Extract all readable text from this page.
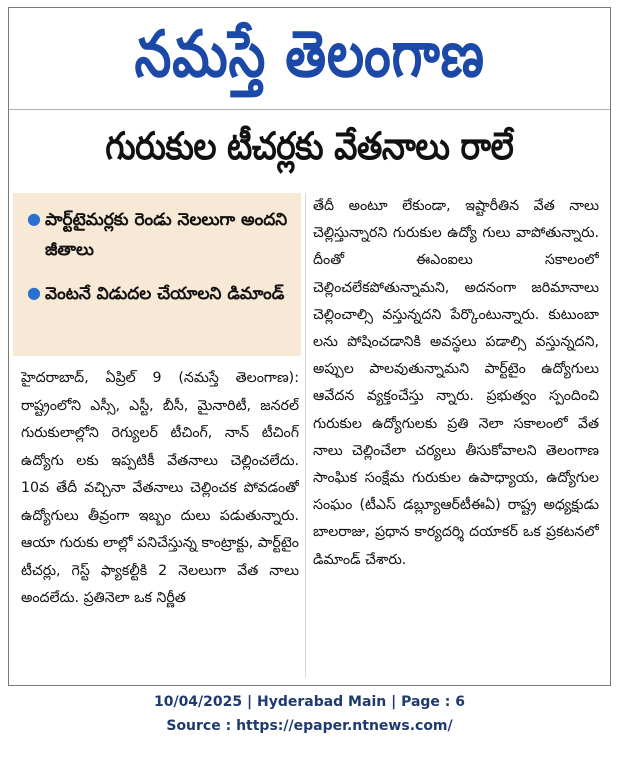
నమస్తే తెలంగాణ
గురుకుల టీచర్లకు వేతనాలు రాలే
● పార్ట్‌టైమర్లకు రెండు నెలలుగా అందని జీతాలు
● వెంటనే విడుదల చేయాలని డిమాండ్
హైదరాబాద్, ఏప్రిల్ 9 (నమస్తే తెలంగాణ): రాష్ట్రంలోని ఎస్సీ, ఎస్టీ, బీసీ, మైనారిటీ, జనరల్ గురుకులాల్లోని రెగ్యులర్ టీచింగ్, నాన్ టీచింగ్ ఉద్యోగు లకు ఇప్పటికీ వేతనాలు చెల్లించలేదు. 10వ తేదీ వచ్చినా వేతనాలు చెల్లించక పోవడంతో ఉద్యోగులు తీవ్రంగా ఇబ్బం దులు పడుతున్నారు. ఆయా గురుకు లాల్లో పనిచేస్తున్న కాంట్రాక్టు, పార్ట్‌టైం టీచర్లు, గెస్ట్ ఫ్యాకల్టీకి 2 నెలలుగా వేత నాలు అందలేదు. ప్రతినెలా ఒక నిర్ణీత
తేదీ అంటూ లేకుండా, ఇష్టారీతిన వేత నాలు చెల్లిస్తున్నారని గురుకుల ఉద్యో గులు వాపోతున్నారు. దీంతో ఈఎంఐలు సకాలంలో చెల్లించలేకపోతున్నామని, అదనంగా జరిమానాలు చెల్లించాల్సి వస్తున్నదని పేర్కొంటున్నారు. కుటుంబా లను పోషించడానికి అవస్థలు పడాల్సి వస్తున్నదని, అప్పుల పాలవుతున్నామని పార్ట్‌టైం ఉద్యోగులు ఆవేదన వ్యక్తంచేస్తు న్నారు. ప్రభుత్వం స్పందించి గురుకుల ఉద్యోగులకు ప్రతి నెలా సకాలంలో వేత నాలు చెల్లించేలా చర్యలు తీసుకోవాలని తెలంగాణ సాంఘిక సంక్షేమ గురుకుల ఉపాధ్యాయ, ఉద్యోగుల సంఘం (టీఎస్ డబ్ల్యూఆర్‌టీఈఏ) రాష్ట్ర అధ్యక్షుడు బాలరాజు, ప్రధాన కార్యదర్శి దయాకర్ ఒక ప్రకటనలో డిమాండ్ చేశారు.
10/04/2025 | Hyderabad Main | Page : 6
Source : https://epaper.ntnews.com/
